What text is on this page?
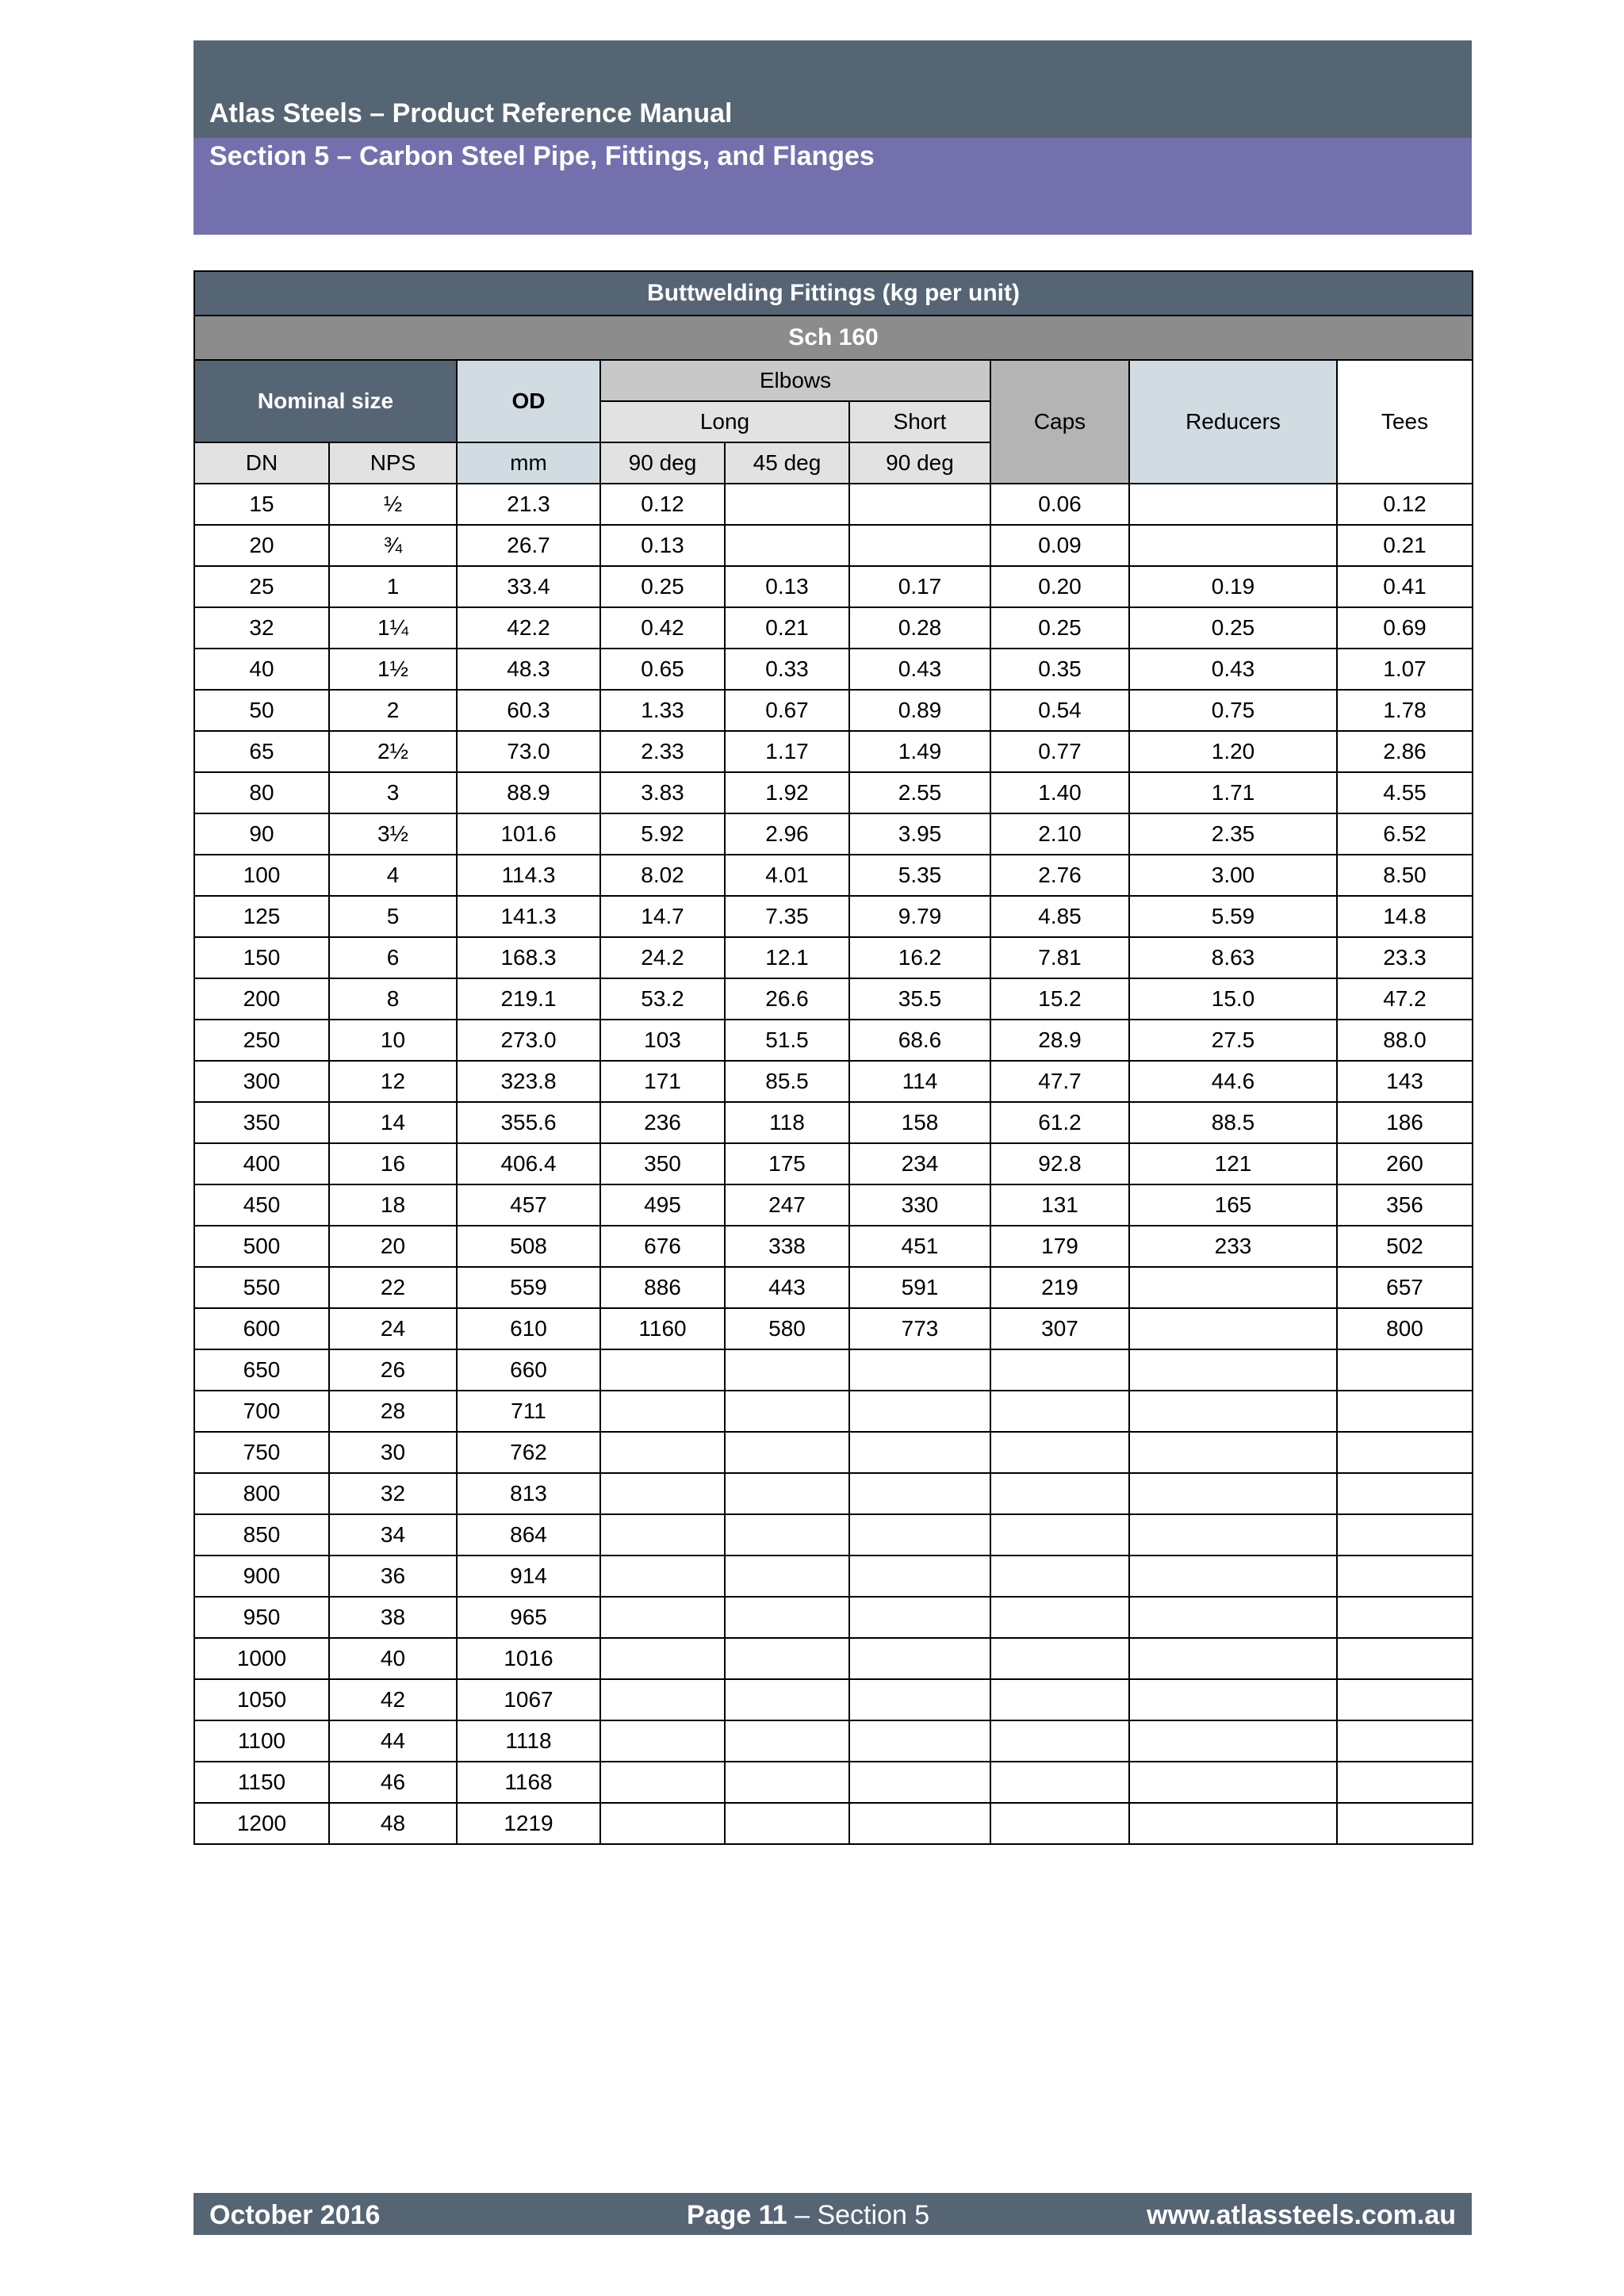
Atlas Steels – Product Reference Manual
Section 5 – Carbon Steel Pipe, Fittings, and Flanges
Buttwelding Fittings (kg per unit)								
Sch 160								
Nominal size		OD	Elbows			Caps	Reducers	Tees
			Long		Short			
DN	NPS	mm	90 deg	45 deg	90 deg			
15	½	21.3	0.12			0.06		0.12
20	¾	26.7	0.13			0.09		0.21
25	1	33.4	0.25	0.13	0.17	0.20	0.19	0.41
32	1¼	42.2	0.42	0.21	0.28	0.25	0.25	0.69
40	1½	48.3	0.65	0.33	0.43	0.35	0.43	1.07
50	2	60.3	1.33	0.67	0.89	0.54	0.75	1.78
65	2½	73.0	2.33	1.17	1.49	0.77	1.20	2.86
80	3	88.9	3.83	1.92	2.55	1.40	1.71	4.55
90	3½	101.6	5.92	2.96	3.95	2.10	2.35	6.52
100	4	114.3	8.02	4.01	5.35	2.76	3.00	8.50
125	5	141.3	14.7	7.35	9.79	4.85	5.59	14.8
150	6	168.3	24.2	12.1	16.2	7.81	8.63	23.3
200	8	219.1	53.2	26.6	35.5	15.2	15.0	47.2
250	10	273.0	103	51.5	68.6	28.9	27.5	88.0
300	12	323.8	171	85.5	114	47.7	44.6	143
350	14	355.6	236	118	158	61.2	88.5	186
400	16	406.4	350	175	234	92.8	121	260
450	18	457	495	247	330	131	165	356
500	20	508	676	338	451	179	233	502
550	22	559	886	443	591	219		657
600	24	610	1160	580	773	307		800
650	26	660						
700	28	711						
750	30	762						
800	32	813						
850	34	864						
900	36	914						
950	38	965						
1000	40	1016						
1050	42	1067						
1100	44	1118						
1150	46	1168						
1200	48	1219						
October 2016	Page 11 – Section 5	www.atlassteels.com.au
